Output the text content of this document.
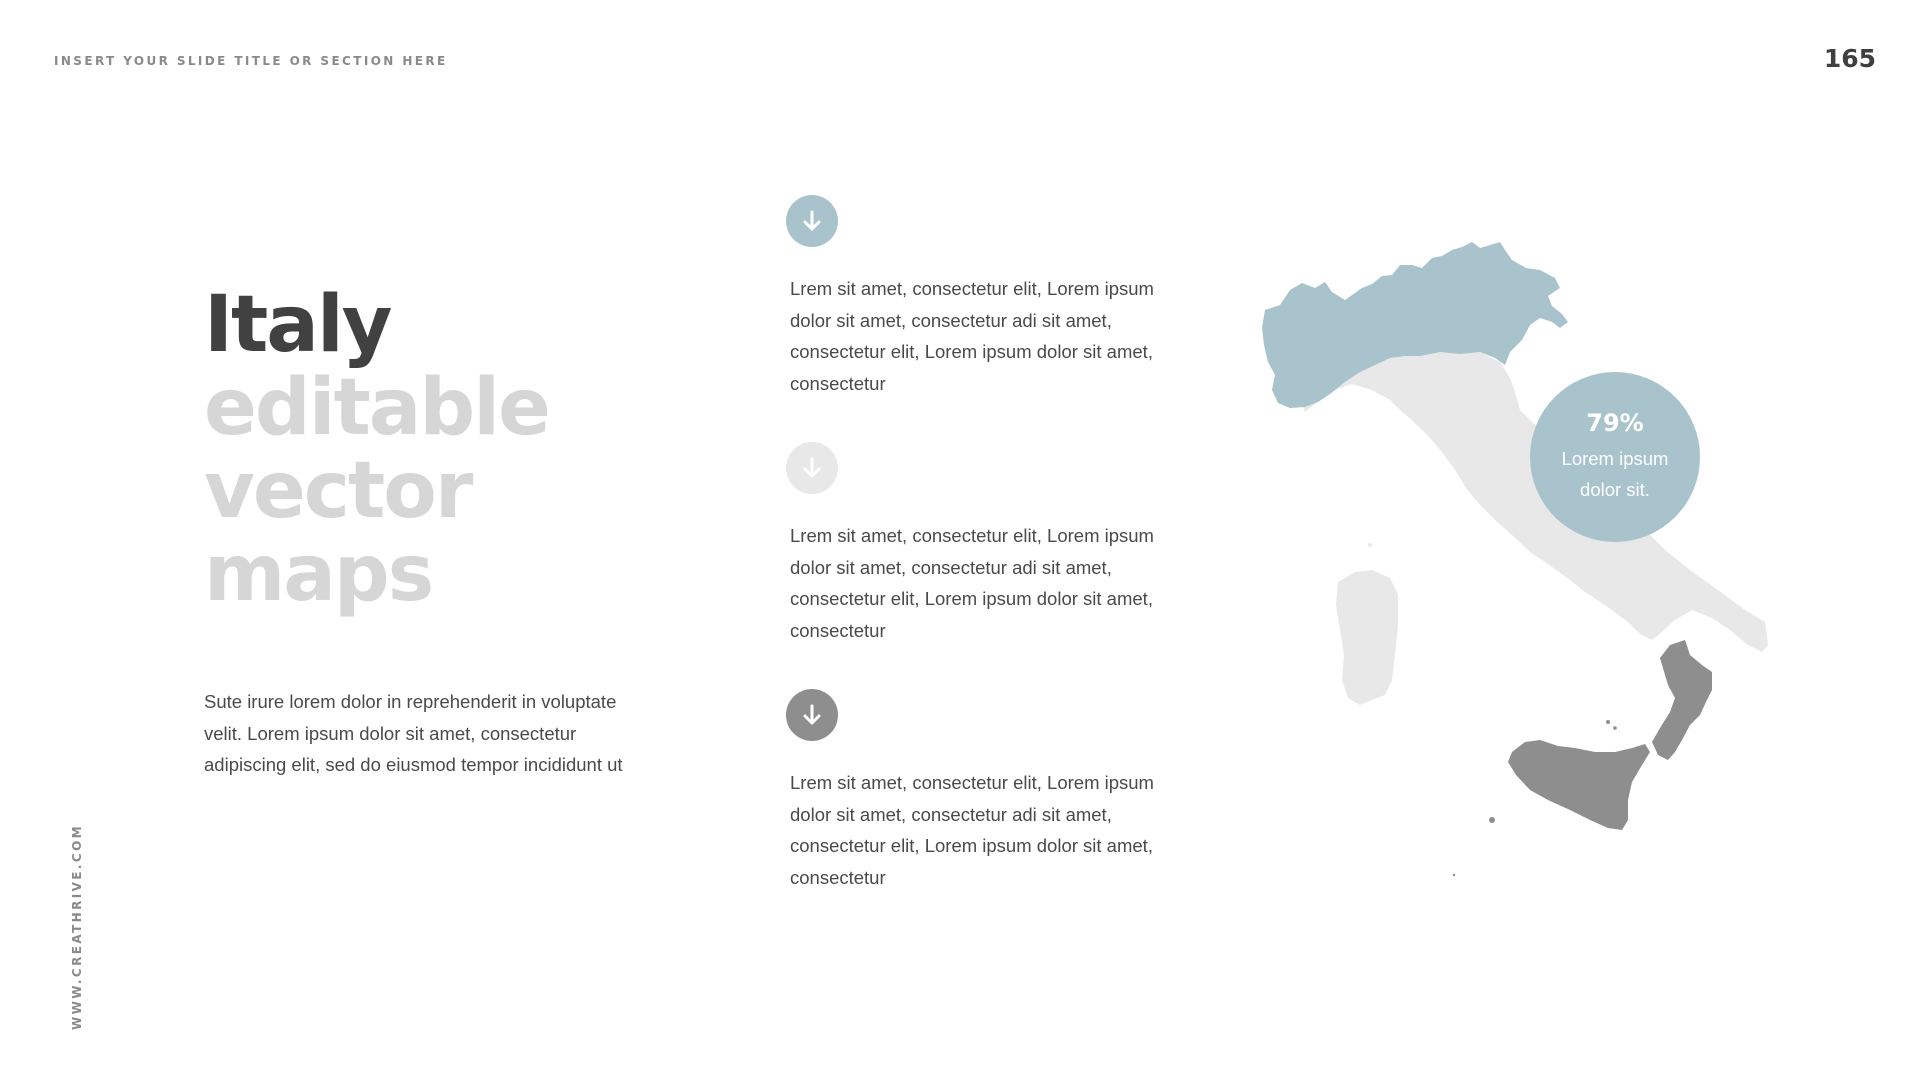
INSERT YOUR SLIDE TITLE OR SECTION HERE	165
WWW.CREATHRIVE.COM
Italy
editable
vector
maps
Sute irure lorem dolor in reprehenderit in voluptate velit. Lorem ipsum dolor sit amet, consectetur adipiscing elit, sed do eiusmod tempor incididunt ut
Lrem sit amet, consectetur elit, Lorem ipsum dolor sit amet, consectetur adi sit amet, consectetur elit, Lorem ipsum dolor sit amet, consectetur
Lrem sit amet, consectetur elit, Lorem ipsum dolor sit amet, consectetur adi sit amet, consectetur elit, Lorem ipsum dolor sit amet, consectetur
Lrem sit amet, consectetur elit, Lorem ipsum dolor sit amet, consectetur adi sit amet, consectetur elit, Lorem ipsum dolor sit amet, consectetur
79%
Lorem ipsum dolor sit.
